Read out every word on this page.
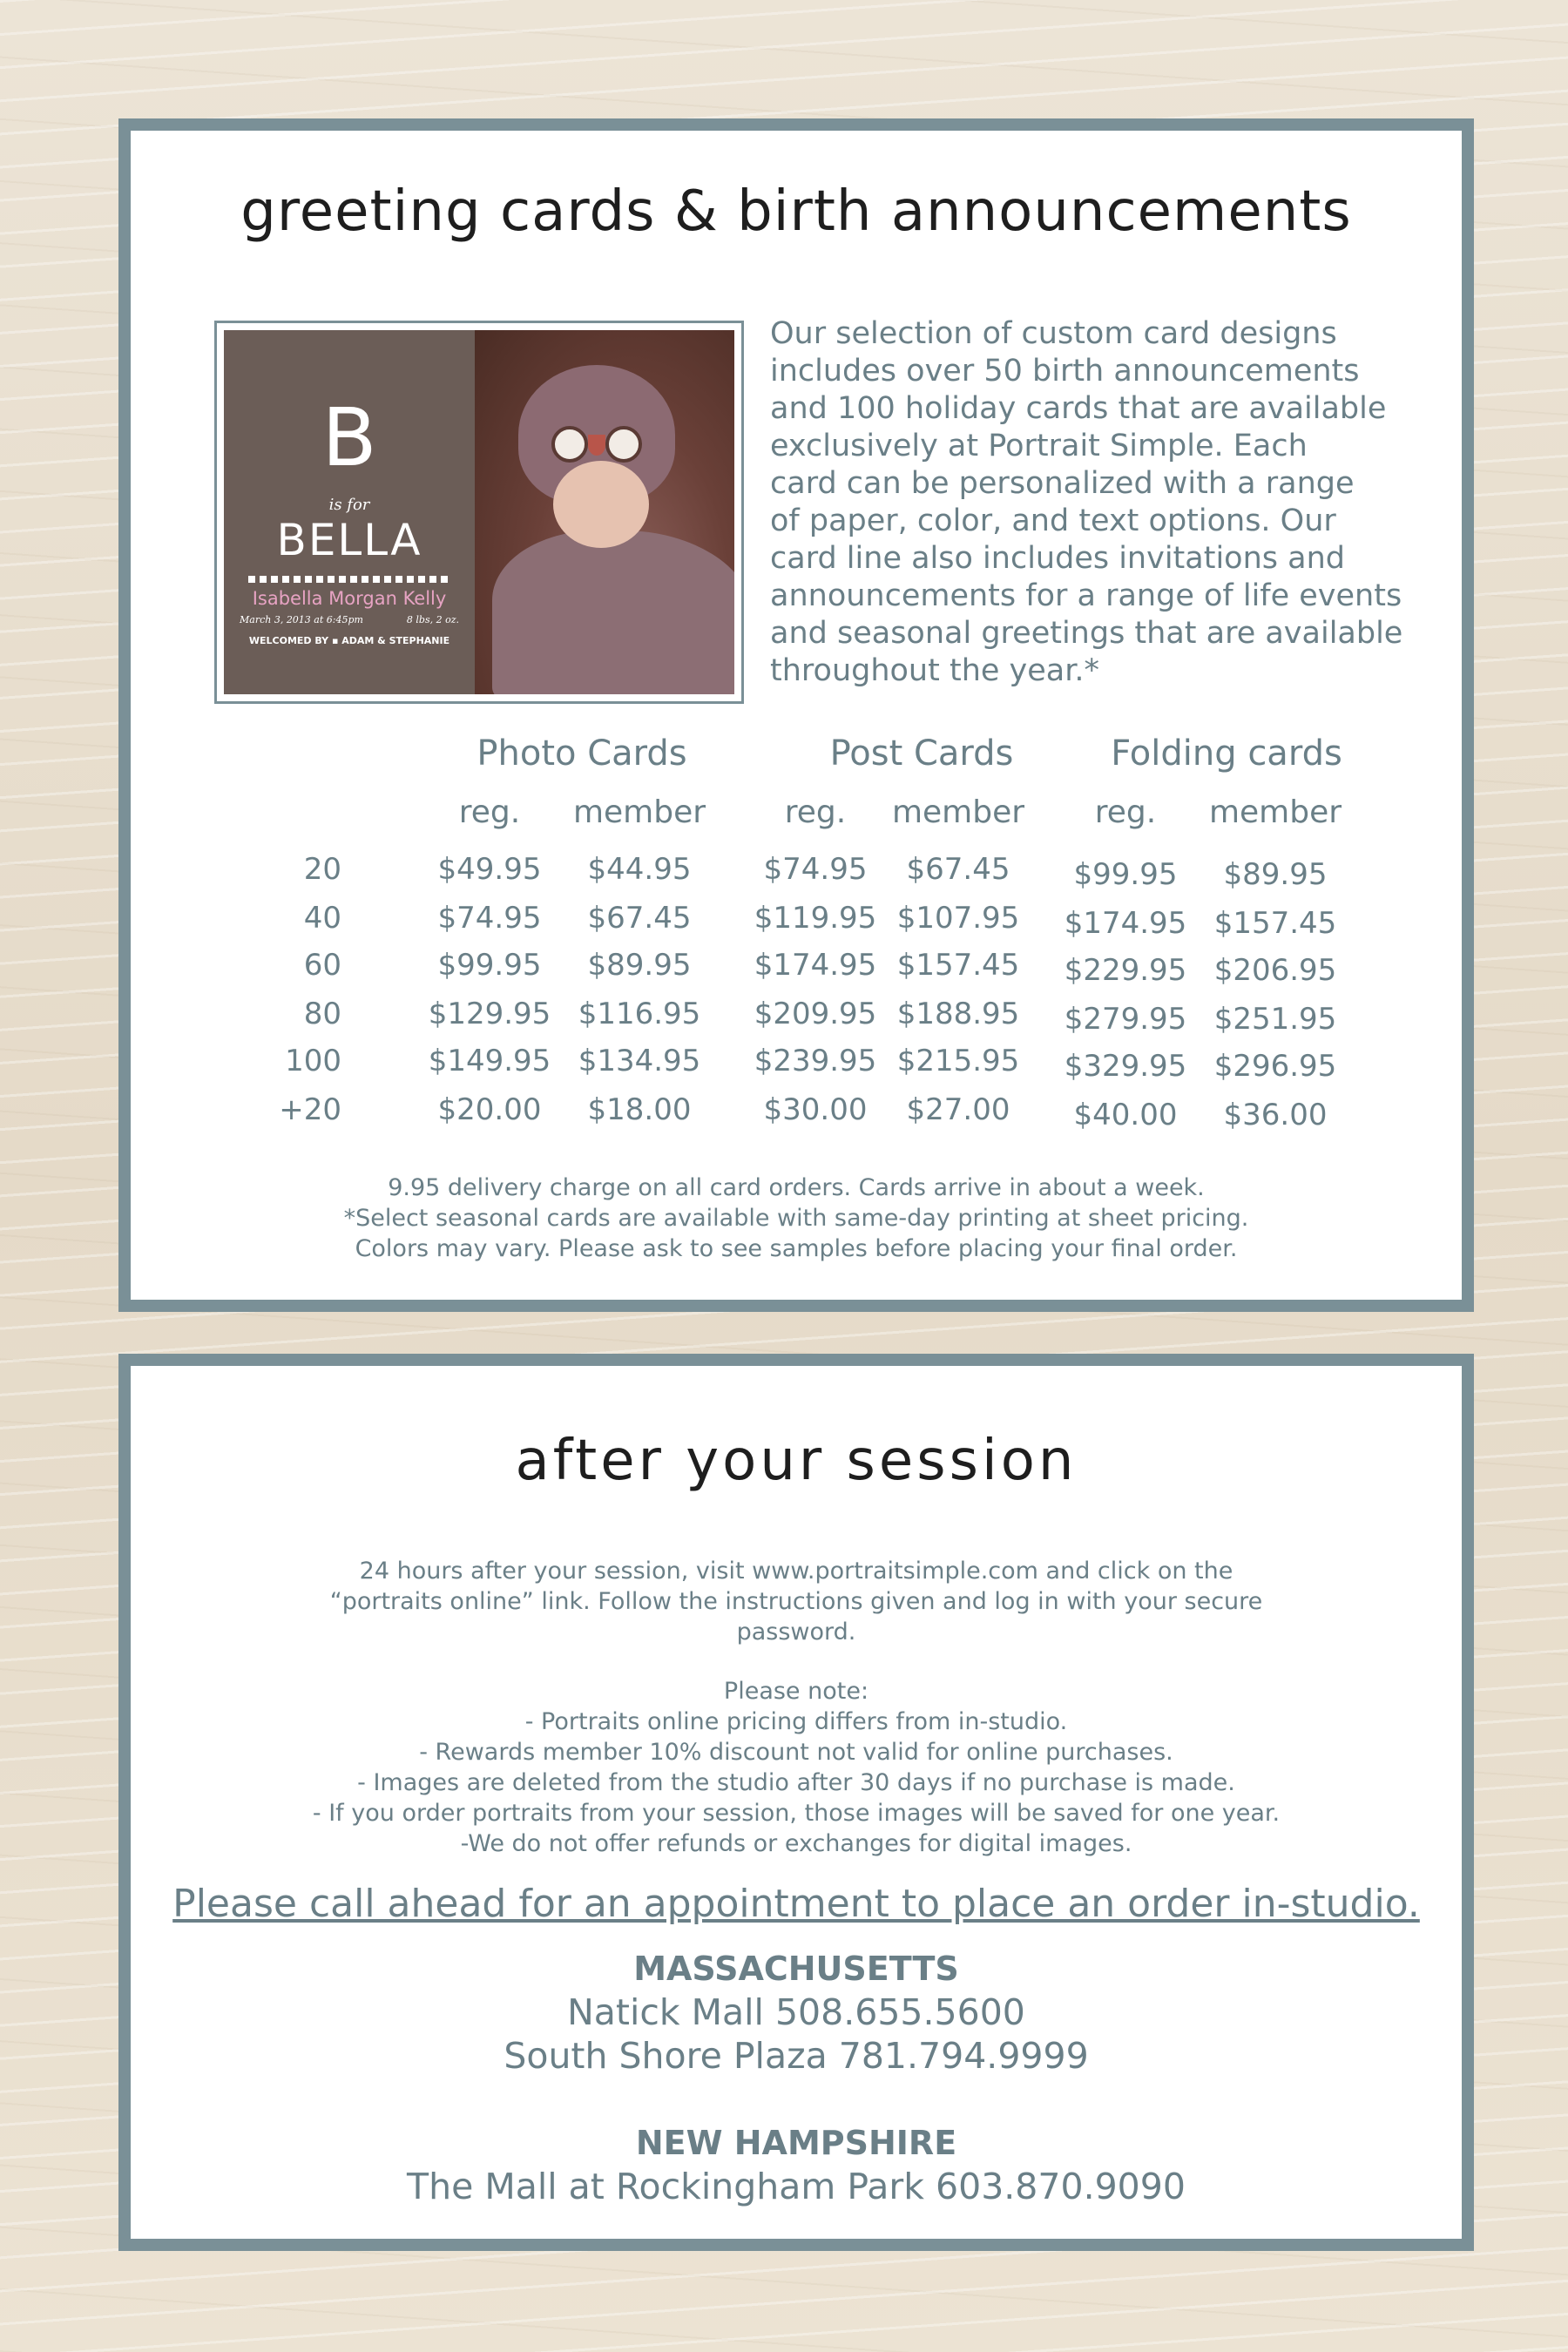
greeting cards & birth announcements
B
is for
BELLA
Isabella Morgan Kelly
March 3, 2013 at 6:45pm	8 lbs, 2 oz.
WELCOMED BY ▪ ADAM & STEPHANIE
Our selection of custom card designs
includes over 50 birth announcements
and 100 holiday cards that are available
exclusively at Portrait Simple. Each
card can be personalized with a range
of paper, color, and text options. Our
card line also includes invitations and
announcements for a range of life events
and seasonal greetings that are available
throughout the year.*
Photo Cards	Post Cards	Folding cards
reg.	member	reg.	member	reg.	member
20	$49.95	$44.95	$74.95	$67.45	$99.95	$89.95
40	$74.95	$67.45	$119.95 $107.95	$174.95 $157.45
60	$99.95	$89.95	$174.95 $157.45	$229.95 $206.95
80	$129.95 $116.95	$209.95 $188.95	$279.95 $251.95
100	$149.95 $134.95	$239.95 $215.95	$329.95 $296.95
+20	$20.00	$18.00	$30.00	$27.00	$40.00	$36.00
9.95 delivery charge on all card orders. Cards arrive in about a week.
*Select seasonal cards are available with same-day printing at sheet pricing.
Colors may vary. Please ask to see samples before placing your final order.
after your session
24 hours after your session, visit www.portraitsimple.com and click on the
“portraits online” link. Follow the instructions given and log in with your secure
password.
Please note:
- Portraits online pricing differs from in-studio.
- Rewards member 10% discount not valid for online purchases.
- Images are deleted from the studio after 30 days if no purchase is made.
- If you order portraits from your session, those images will be saved for one year.
-We do not offer refunds or exchanges for digital images.
Please call ahead for an appointment to place an order in-studio.
MASSACHUSETTS
Natick Mall 508.655.5600
South Shore Plaza 781.794.9999
NEW HAMPSHIRE
The Mall at Rockingham Park 603.870.9090
